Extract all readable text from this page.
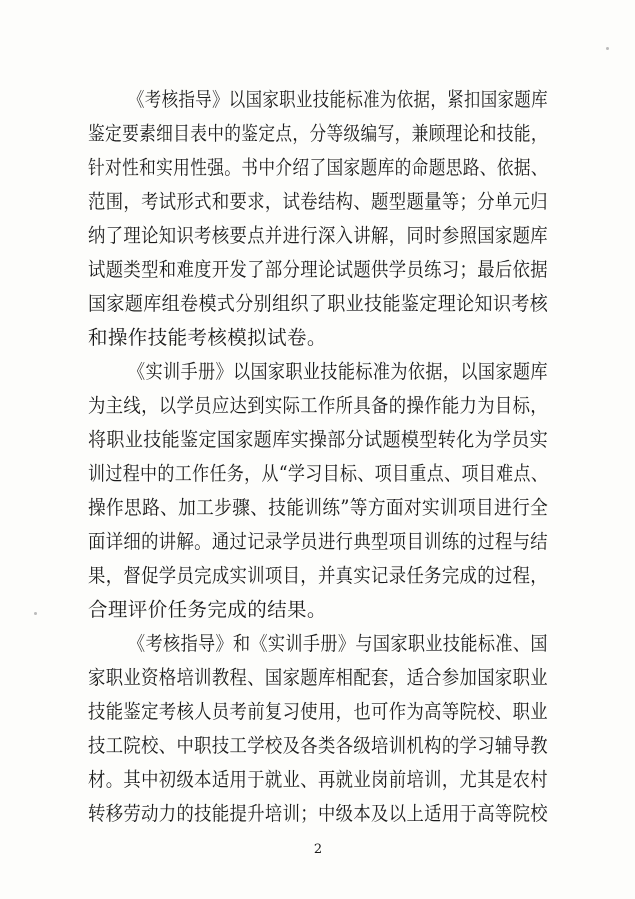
《考核指导》以国家职业技能标准为依据，紧扣国家题库
鉴定要素细目表中的鉴定点，分等级编写，兼顾理论和技能，
针对性和实用性强。书中介绍了国家题库的命题思路、依据、
范围，考试形式和要求，试卷结构、题型题量等；分单元归
纳了理论知识考核要点并进行深入讲解，同时参照国家题库
试题类型和难度开发了部分理论试题供学员练习；最后依据
国家题库组卷模式分别组织了职业技能鉴定理论知识考核
和操作技能考核模拟试卷。
《实训手册》以国家职业技能标准为依据，以国家题库
为主线，以学员应达到实际工作所具备的操作能力为目标，
将职业技能鉴定国家题库实操部分试题模型转化为学员实
训过程中的工作任务，从“学习目标、项目重点、项目难点、
操作思路、加工步骤、技能训练”等方面对实训项目进行全
面详细的讲解。通过记录学员进行典型项目训练的过程与结
果，督促学员完成实训项目，并真实记录任务完成的过程，
合理评价任务完成的结果。
《考核指导》和《实训手册》与国家职业技能标准、国
家职业资格培训教程、国家题库相配套，适合参加国家职业
技能鉴定考核人员考前复习使用，也可作为高等院校、职业
技工院校、中职技工学校及各类各级培训机构的学习辅导教
材。其中初级本适用于就业、再就业岗前培训，尤其是农村
转移劳动力的技能提升培训；中级本及以上适用于高等院校
2
